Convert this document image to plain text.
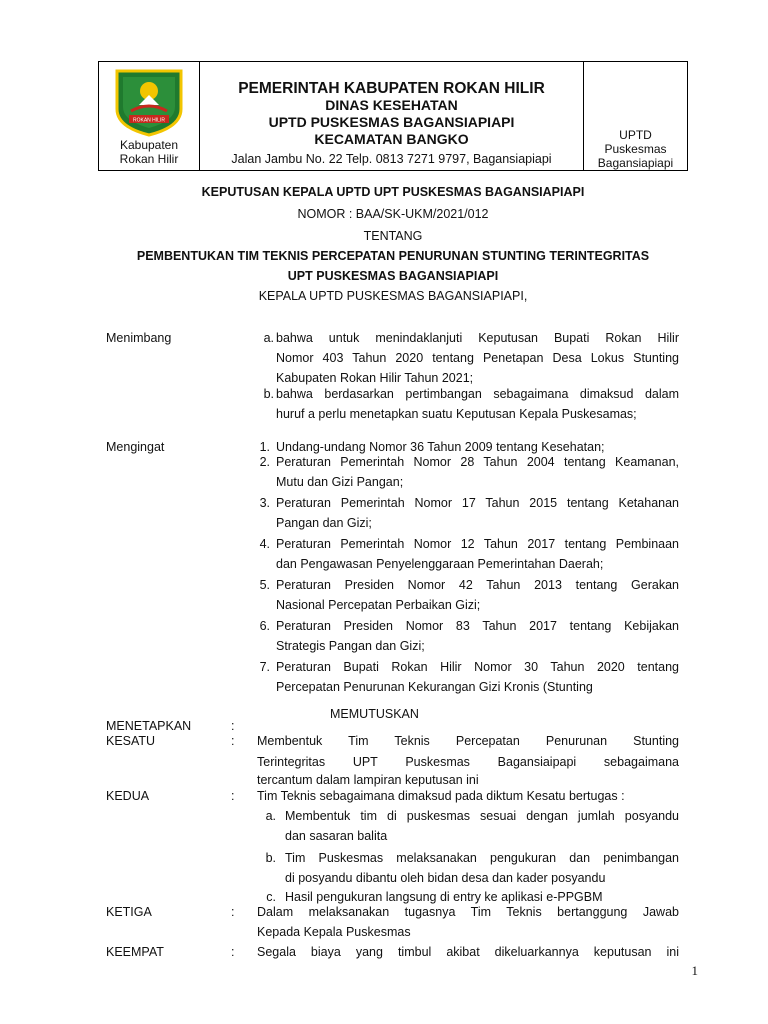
ROKAN HILIR
Kabupaten
Rokan Hilir
PEMERINTAH KABUPATEN ROKAN HILIR
DINAS KESEHATAN
UPTD PUSKESMAS BAGANSIAPIAPI
KECAMATAN BANGKO
Jalan Jambu No. 22 Telp. 0813 7271 9797, Bagansiapiapi
UPTD
Puskesmas
Bagansiapiapi
KEPUTUSAN KEPALA UPTD UPT PUSKESMAS BAGANSIAPIAPI
NOMOR : BAA/SK-UKM/2021/012
TENTANG
PEMBENTUKAN TIM TEKNIS PERCEPATAN PENURUNAN STUNTING TERINTEGRITAS
UPT PUSKESMAS BAGANSIAPIAPI
KEPALA UPTD PUSKESMAS BAGANSIAPIAPI,
Menimbang	a. bahwa untuk menindaklanjuti Keputusan Bupati Rokan Hilir
Nomor 403 Tahun 2020 tentang Penetapan Desa Lokus Stunting
Kabupaten Rokan Hilir Tahun 2021;
b. bahwa berdasarkan pertimbangan sebagaimana dimaksud dalam
huruf a perlu menetapkan suatu Keputusan Kepala Puskesamas;
Mengingat	1. Undang-undang Nomor 36 Tahun 2009 tentang Kesehatan;
2. Peraturan Pemerintah Nomor 28 Tahun 2004 tentang Keamanan,
Mutu dan Gizi Pangan;
3. Peraturan Pemerintah Nomor 17 Tahun 2015 tentang Ketahanan
Pangan dan Gizi;
4. Peraturan Pemerintah Nomor 12 Tahun 2017 tentang Pembinaan
dan Pengawasan Penyelenggaraan Pemerintahan Daerah;
5. Peraturan Presiden Nomor 42 Tahun 2013 tentang Gerakan
Nasional Percepatan Perbaikan Gizi;
6. Peraturan Presiden Nomor 83 Tahun 2017 tentang Kebijakan
Strategis Pangan dan Gizi;
7. Peraturan Bupati Rokan Hilir Nomor 30 Tahun 2020 tentang
Percepatan Penurunan Kekurangan Gizi Kronis (Stunting
MEMUTUSKAN
MENETAPKAN	:
KESATU	: Membentuk Tim Teknis Percepatan Penurunan Stunting
Terintegritas UPT Puskesmas Bagansiaipapi sebagaimana
tercantum dalam lampiran keputusan ini
KEDUA	: Tim Teknis sebagaimana dimaksud pada diktum Kesatu bertugas :
a. Membentuk tim di puskesmas sesuai dengan jumlah posyandu
dan sasaran balita
b. Tim Puskesmas melaksanakan pengukuran dan penimbangan
di posyandu dibantu oleh bidan desa dan kader posyandu
c. Hasil pengukuran langsung di entry ke aplikasi e-PPGBM
KETIGA	: Dalam melaksanakan tugasnya Tim Teknis bertanggung Jawab
Kepada Kepala Puskesmas
KEEMPAT	: Segala biaya yang timbul akibat dikeluarkannya keputusan ini
1
